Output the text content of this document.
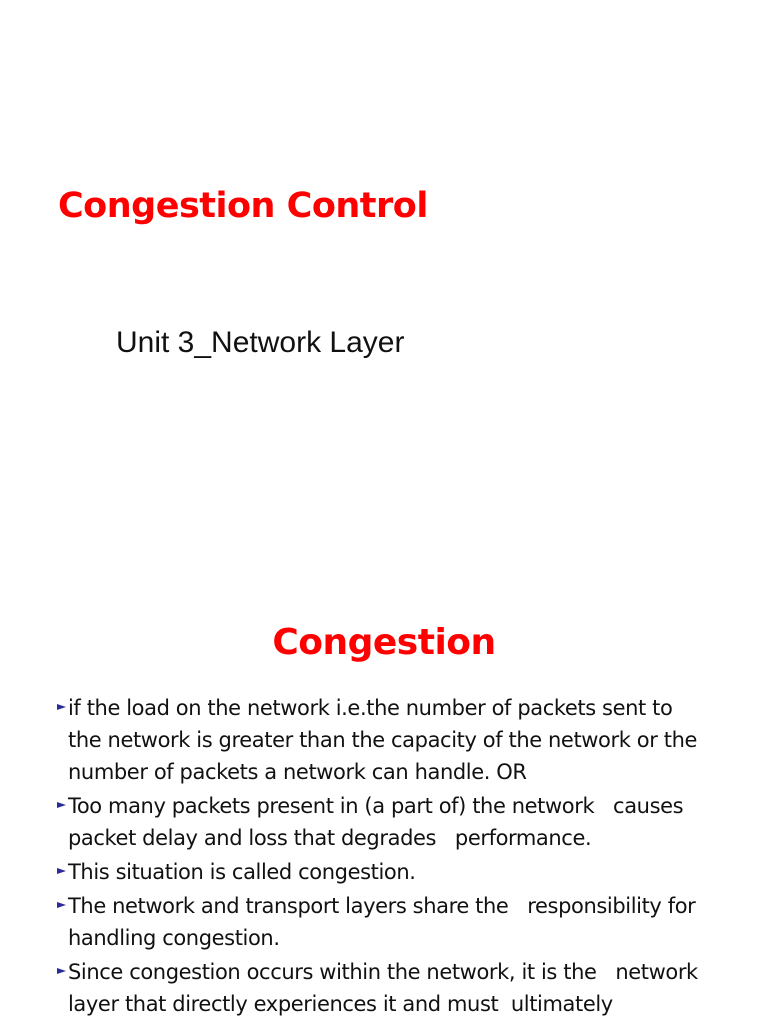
Congestion Control
Unit 3_Network Layer
Congestion
if the load on the network i.e.the number of packets sent to
the network is greater than the capacity of the network or the
number of packets a network can handle. OR
Too many packets present in (a part of) the network   causes
packet delay and loss that degrades   performance.
This situation is called congestion.
The network and transport layers share the   responsibility for
handling congestion.
Since congestion occurs within the network, it is the   network
layer that directly experiences it and must  ultimately
